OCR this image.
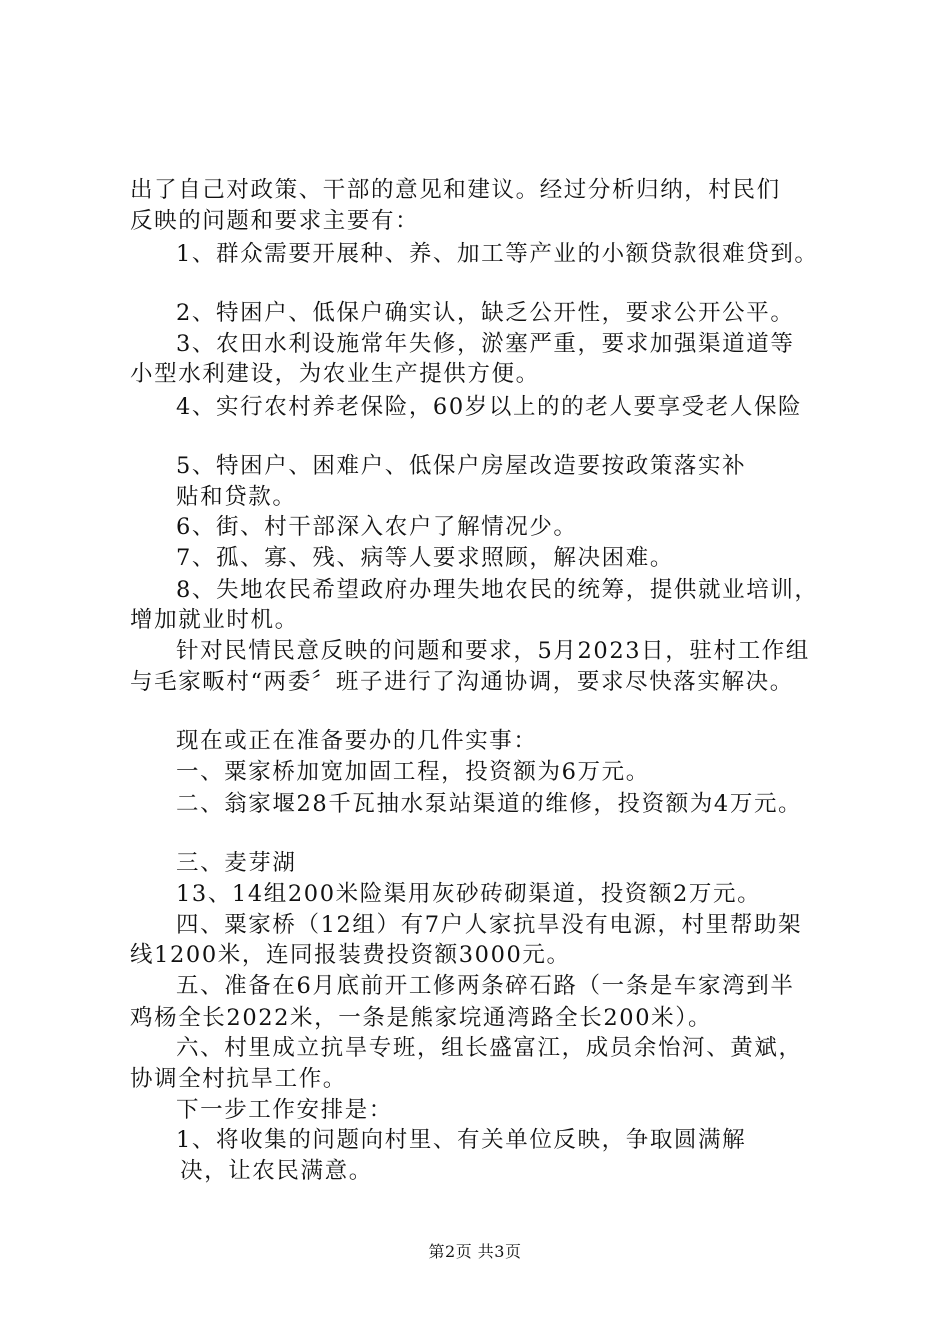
出了自己对政策、干部的意见和建议。经过分析归纳，村民们
反映的问题和要求主要有：
1、群众需要开展种、养、加工等产业的小额贷款很难贷到。
2、特困户、低保户确实认，缺乏公开性，要求公开公平。
3、农田水利设施常年失修，淤塞严重，要求加强渠道道等
小型水利建设，为农业生产提供方便。
4、实行农村养老保险，60岁以上的的老人要享受老人保险
5、特困户、困难户、低保户房屋改造要按政策落实补
贴和贷款。
6、街、村干部深入农户了解情况少。
7、孤、寡、残、病等人要求照顾，解决困难。
8、失地农民希望政府办理失地农民的统筹，提供就业培训，
增加就业时机。
针对民情民意反映的问题和要求，5月2023日，驻村工作组
与毛家畈村“两委〞班子进行了沟通协调，要求尽快落实解决。
现在或正在准备要办的几件实事：
一、粟家桥加宽加固工程，投资额为6万元。
二、翁家堰28千瓦抽水泵站渠道的维修，投资额为4万元。
三、麦芽湖
13、14组200米险渠用灰砂砖砌渠道，投资额2万元。
四、粟家桥（12组）有7户人家抗旱没有电源，村里帮助架
线1200米，连同报装费投资额3000元。
五、准备在6月底前开工修两条碎石路（一条是车家湾到半
鸡杨全长2022米，一条是熊家垸通湾路全长200米）。
六、村里成立抗旱专班，组长盛富江，成员余怡河、黄斌，
协调全村抗旱工作。
下一步工作安排是：
1、将收集的问题向村里、有关单位反映，争取圆满解
决，让农民满意。
第2页 共3页
